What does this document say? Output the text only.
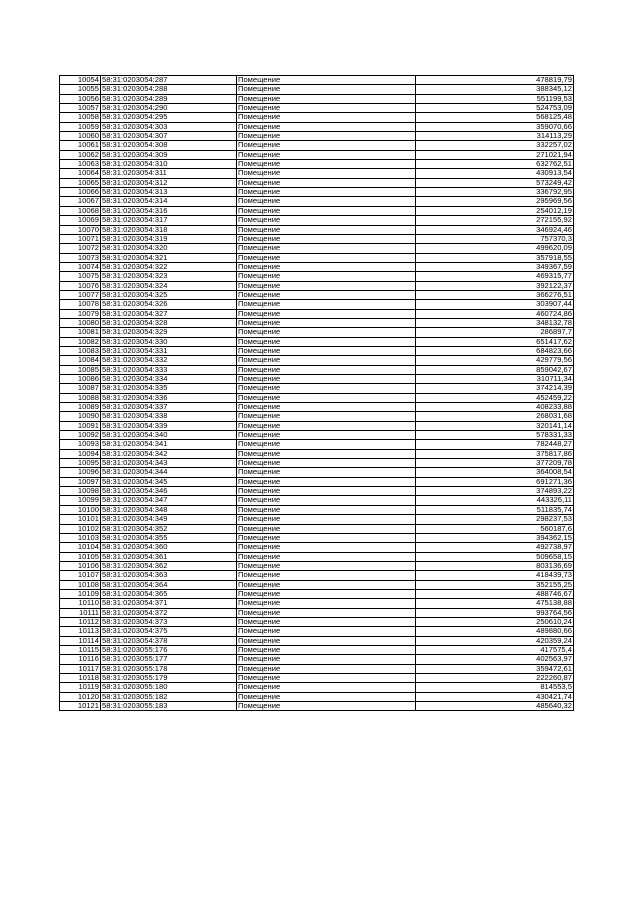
10054	58:31:0203054:287	Помещение	478819,79
10055	58:31:0203054:288	Помещение	388345,12
10056	58:31:0203054:289	Помещение	551199,53
10057	58:31:0203054:290	Помещение	524753,09
10058	58:31:0203054:295	Помещение	568125,48
10059	58:31:0203054:303	Помещение	359070,66
10060	58:31:0203054:307	Помещение	314113,29
10061	58:31:0203054:308	Помещение	332257,02
10062	58:31:0203054:309	Помещение	271021,94
10063	58:31:0203054:310	Помещение	632762,51
10064	58:31:0203054:311	Помещение	430913,54
10065	58:31:0203054:312	Помещение	573249,42
10066	58:31:0203054:313	Помещение	336792,95
10067	58:31:0203054:314	Помещение	295969,56
10068	58:31:0203054:316	Помещение	254012,19
10069	58:31:0203054:317	Помещение	272155,92
10070	58:31:0203054:318	Помещение	346924,46
10071	58:31:0203054:319	Помещение	757370,3
10072	58:31:0203054:320	Помещение	499620,09
10073	58:31:0203054:321	Помещение	357918,55
10074	58:31:0203054:322	Помещение	349367,59
10075	58:31:0203054:323	Помещение	469315,77
10076	58:31:0203054:324	Помещение	392122,37
10077	58:31:0203054:325	Помещение	366276,51
10078	58:31:0203054:326	Помещение	303907,44
10079	58:31:0203054:327	Помещение	460724,86
10080	58:31:0203054:328	Помещение	348132,78
10081	58:31:0203054:329	Помещение	286897,7
10082	58:31:0203054:330	Помещение	651417,62
10083	58:31:0203054:331	Помещение	684823,66
10084	58:31:0203054:332	Помещение	429779,56
10085	58:31:0203054:333	Помещение	859042,67
10086	58:31:0203054:334	Помещение	310711,34
10087	58:31:0203054:335	Помещение	374214,39
10088	58:31:0203054:336	Помещение	452459,22
10089	58:31:0203054:337	Помещение	408233,88
10090	58:31:0203054:338	Помещение	268031,68
10091	58:31:0203054:339	Помещение	320141,14
10092	58:31:0203054:340	Помещение	578331,33
10093	58:31:0203054:341	Помещение	782448,27
10094	58:31:0203054:342	Помещение	375817,86
10095	58:31:0203054:343	Помещение	377209,78
10096	58:31:0203054:344	Помещение	364008,54
10097	58:31:0203054:345	Помещение	691271,36
10098	58:31:0203054:346	Помещение	374893,22
10099	58:31:0203054:347	Помещение	443326,11
10100	58:31:0203054:348	Помещение	511835,74
10101	58:31:0203054:349	Помещение	298237,53
10102	58:31:0203054:352	Помещение	560187,6
10103	58:31:0203054:355	Помещение	394362,15
10104	58:31:0203054:360	Помещение	492738,97
10105	58:31:0203054:361	Помещение	509658,15
10106	58:31:0203054:362	Помещение	803136,69
10107	58:31:0203054:363	Помещение	418439,73
10108	58:31:0203054:364	Помещение	352155,25
10109	58:31:0203054:365	Помещение	488746,67
10110	58:31:0203054:371	Помещение	475138,88
10111	58:31:0203054:372	Помещение	993764,56
10112	58:31:0203054:373	Помещение	250610,24
10113	58:31:0203054:375	Помещение	489880,66
10114	58:31:0203054:378	Помещение	420359,24
10115	58:31:0203055:176	Помещение	417575,4
10116	58:31:0203055:177	Помещение	402563,97
10117	58:31:0203055:178	Помещение	359472,61
10118	58:31:0203055:179	Помещение	222260,87
10119	58:31:0203055:180	Помещение	814553,5
10120	58:31:0203055:182	Помещение	430421,74
10121	58:31:0203055:183	Помещение	485640,32
